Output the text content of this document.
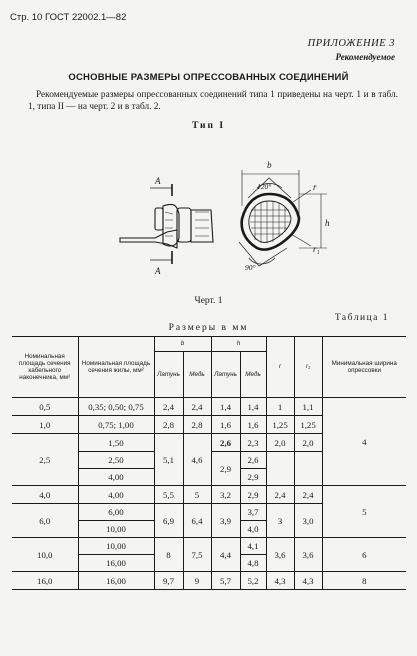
Стр. 10 ГОСТ 22002.1—82
ПРИЛОЖЕНИЕ 3
Рекомендуемое
ОСНОВНЫЕ РАЗМЕРЫ ОПРЕССОВАННЫХ СОЕДИНЕНИЙ
Рекомендуемые размеры опрессованных соединений типа 1 приведены на черт. 1 и в табл. 1, типа II — на черт. 2 и в табл. 2.
Тип I
A
A
120°
90°
b
h
r
r₁
Черт. 1
Таблица 1
Размеры в мм
Номинальная площадь сечения кабельного наконечника, мм²	Номинальная площадь сечения жилы, мм²	b		h		r	r₁	Минимальная ширина опрессовки
		Латунь	Медь	Латунь	Медь			
0,5	0,35; 0,50; 0,75	2,4	2,4	1,4	1,4	1	1,1	4
1,0	0,75; 1,00	2,8	2,8	1,6	1,6	1,25	1,25	
2,5	1,50	5,1	4,6	2,6	2,3	2,0	2,0	
	2,50			2,9	2,6			
	4,00				2,9			
4,0	4,00	5,5	5	3,2	2,9	2,4	2,4	5
6,0	6,00	6,9	6,4	3,9	3,7	3	3,0	
	10,00				4,0			
10,0	10,00	8	7,5	4,4	4,1	3,6	3,6	6
	16,00				4,8			
16,0	16,00	9,7	9	5,7	5,2	4,3	4,3	8
